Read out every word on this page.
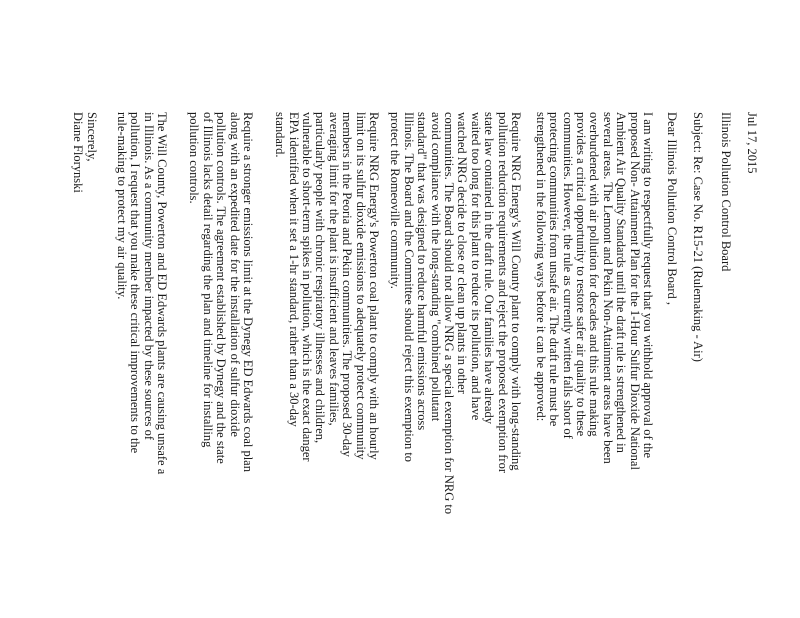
Jul 17, 2015
Illinois Pollution Control Board
Subject: Re: Case No. R15-21 (Rulemaking - Air)
Dear Illinois Pollution Control Board ,
I am writing to respectfully request that you withhold approval of the
proposed Non- Attainment Plan for the 1-Hour Sulfur Dioxide National
Ambient Air Quality Standards until the draft rule is strengthened in
several areas. The Lemont and Pekin Non-Attainment areas have been
overburdened with air pollution for decades and this rule making
provides a critical opportunity to restore safer air quality to these
communities. However, the rule as currently written falls short of
protecting communities from unsafe air. The draft rule must be
strengthened in the following ways before it can be approved:
Require NRG Energy's Will County plant to comply with long-standing
pollution reduction requirements and reject the proposed exemption fror
state law contained in the draft rule. Our families have already
waited too long for this plant to reduce its pollution, and have
watched NRG decide to close or clean up plants in other
communities. The Board should not allow NRG a special exemption for NRG to
avoid compliance with the long-standing "combined pollutant
standard" that was designed to reduce harmful emissions across
Illinois. The Board and the Committee should reject this exemption to
protect the Romeoville community.
Require NRG Energy's Powerton coal plant to comply with an hourly
limit on its sulfur dioxide emissions to adequately protect community
members in the Peoria and Pekin communities. The proposed 30-day
averaging limit for the plant is insufficient and leaves families,
particularly people with chronic respiratory illnesses and children,
vulnerable to short-term spikes in pollution, which is the exact danger
EPA identified when it set a 1-hr standard, rather than a 30-day
standard.
Require a stronger emissions limit at the Dynegy ED Edwards coal plan
along with an expedited date for the installation of sulfur dioxide
pollution controls. The agreement established by Dynegy and the state
of Illinois lacks detail regarding the plan and timeline for installing
pollution controls.
The Will County, Powerton and ED Edwards plants are causing unsafe a
in Illinois. As a community member impacted by these sources of
pollution, I request that you make these critical improvements to the
rule-making to protect my air quality.
Sincerely,
Diane Florynski
